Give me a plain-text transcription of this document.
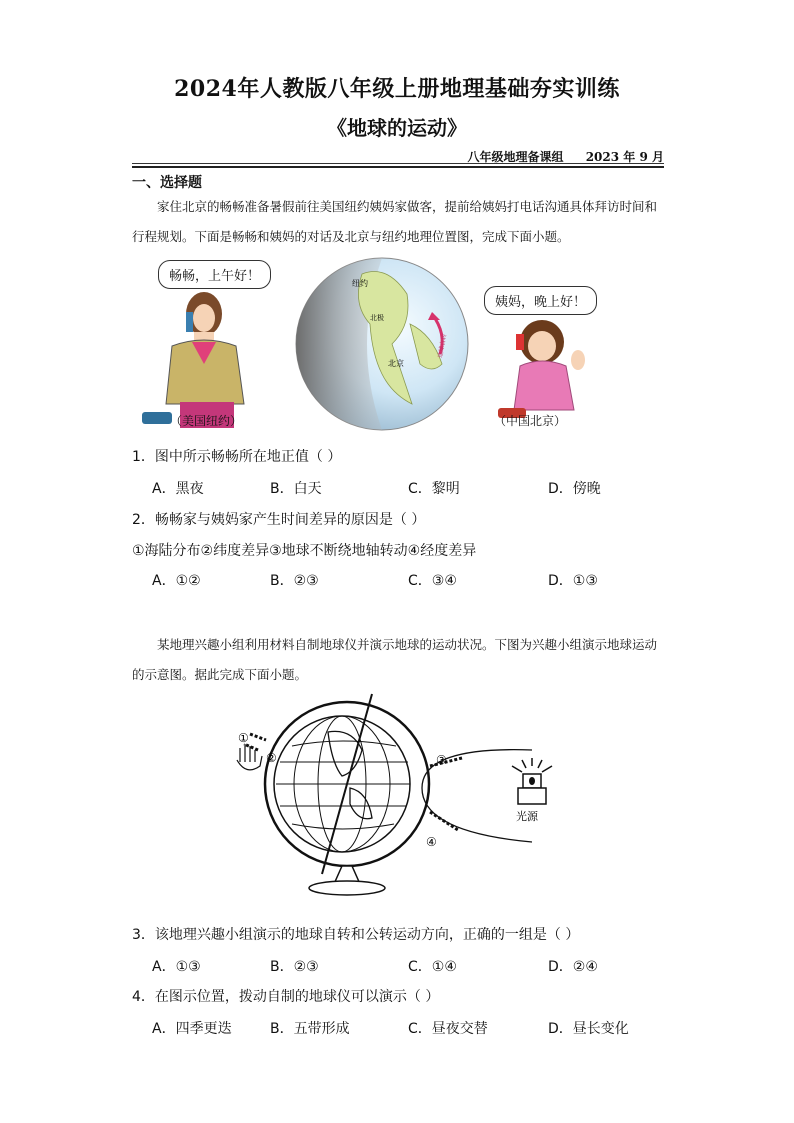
2024年人教版八年级上册地理基础夯实训练
《地球的运动》
八年级地理备课组 2023 年 9 月
一、选择题
家住北京的畅畅准备暑假前往美国纽约姨妈家做客，提前给姨妈打电话沟通具体拜访时间和行程规划。下面是畅畅和姨妈的对话及北京与纽约地理位置图，完成下面小题。
畅畅，上午好！
姨妈，晚上好！
纽约
北极
北京
地球自转
（美国纽约）	（中国北京）
1．图中所示畅畅所在地正值（ ）
A．黑夜	B．白天	C．黎明	D．傍晚
2．畅畅家与姨妈家产生时间差异的原因是（ ）
①海陆分布②纬度差异③地球不断绕地轴转动④经度差异
A．①②	B．②③	C．③④	D．①③
某地理兴趣小组利用材料自制地球仪并演示地球的运动状况。下图为兴趣小组演示地球运动的示意图。据此完成下面小题。
①
②	③
④
光源
3．该地理兴趣小组演示的地球自转和公转运动方向，正确的一组是（ ）
A．①③	B．②③	C．①④	D．②④
4．在图示位置，拨动自制的地球仪可以演示（ ）
A．四季更迭	B．五带形成	C．昼夜交替	D．昼长变化
